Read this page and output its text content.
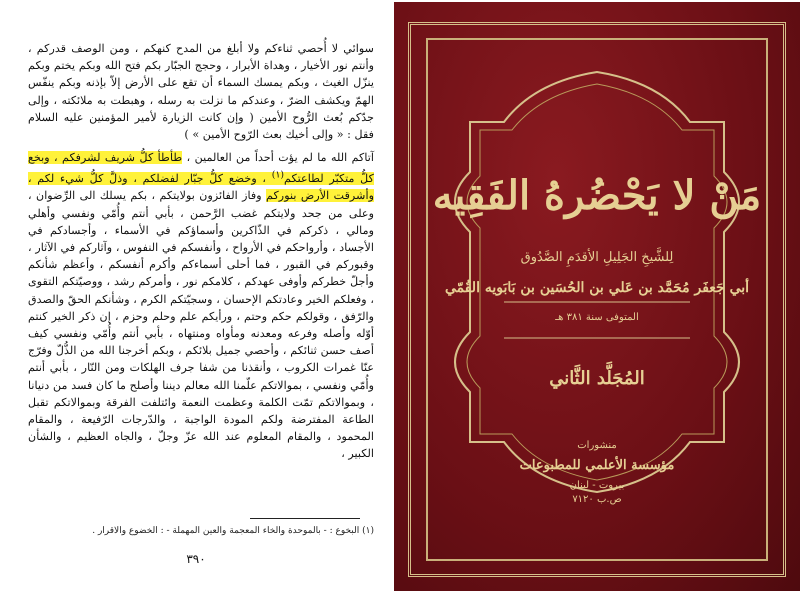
سوائي لا أُحصي ثناءكم ولا أبلغ من المدح كنهكم ، ومن الوصف قدركم ، وأنتم نور الأخيار ، وهداة الأبرار ، وحجج الجبّار بكم فتح الله وبكم يختم وبكم ينزّل الغيث ، وبكم يمسك السماء أن تقع على الأرض إلاّ بإذنه وبكم ينفّس الهمّ ويكشف الضرّ ، وعندكم ما نزلت به رسله ، وهبطت به ملائكته ، وإلى جدّكم بُعث الرُّوح الأمين ( وإن كانت الزيارة لأمير المؤمنين عليه السلام فقل : « وإلى أخيك بعث الرّوح الأمين » )

آتاكم الله ما لم يؤت أحداً من العالمين ، طأطأ كلُّ شريف لشرفكم ، وبخع كلُّ متكبّر لطاعتكم$^{(١)}$ ، وخضع كلُّ جبّار لفضلكم ، وذلَّ كلُّ شيء لكم ، وأشرقت الأرض بنوركم وفاز الفائزون بولايتكم ، بكم يسلك الى الرِّضوان ، وعلى من جحد ولايتكم غضب الرَّحمن ، بأبي أنتم وأُمّي ونفسي وأهلي ومالي ، ذكركم في الذّاكرين وأسماؤكم في الأسماء ، وأجسادكم في الأجساد ، وأرواحكم في الأرواح ، وأنفسكم في النفوس ، وآثاركم في الآثار ، وقبوركم في القبور ، فما أحلى أسماءكم وأكرم أنفسكم ، وأعظم شأنكم وأجلّ خطركم وأوفى عهدكم ، كلامكم نور ، وأمركم رشد ، ووصيّتكم التقوى ، وفعلكم الخير وعادتكم الإحسان ، وسجيّتكم الكرم ، وشأنكم الحقّ والصدق والرّفق ، وقولكم حكم وحتم ، ورأيكم علم وحلم وحزم ، إن ذكر الخير كنتم أوّله وأصله وفرعه ومعدنه ومأواه ومنتهاه ، بأبي أنتم وأُمّي ونفسي كيف أصف حسن ثنائكم ، وأحصي جميل بلائكم ، وبكم أخرجنا الله من الذُّلّ وفرّج عنّا غمرات الكروب ، وأنقذنا من شفا جرف الهلكات ومن النّار ، بأبي أنتم وأُمّي ونفسي ، بموالاتكم علّمنا الله معالم ديننا وأصلح ما كان فسد من دنيانا ، وبموالاتكم تمّت الكلمة وعظمت النعمة وائتلفت الفرقة وبموالاتكم تقبل الطاعة المفترضة ولكم المودة الواجبة ، والدّرجات الرّفيعة ، والمقام المحمود ، والمقام المعلوم عند الله عزّ وجلّ ، والجاه العظيم ، والشأن الكبير ،

(١) البخوع : - بالموحدة والخاء المعجمة والعين المهملة - : الخضوع والاقرار .
٣٩٠
مَنْ لا يَحْضُرهُ الفَقِيه
لِلشَّيخِ الجَلِيلِ الأقدَمِ الصَّدُوق
أبي جَعفَر مُحَمَّد بن عَلي بن الحُسَين بن بَابَويه القُمّي
المتوفى سنة ٣٨١ هـ
المُجَلَّد الثَّاني
منشورات
مؤسسة الأعلمي للمطبوعات
بيروت - لبنان
ص.ب ٧١٢٠
